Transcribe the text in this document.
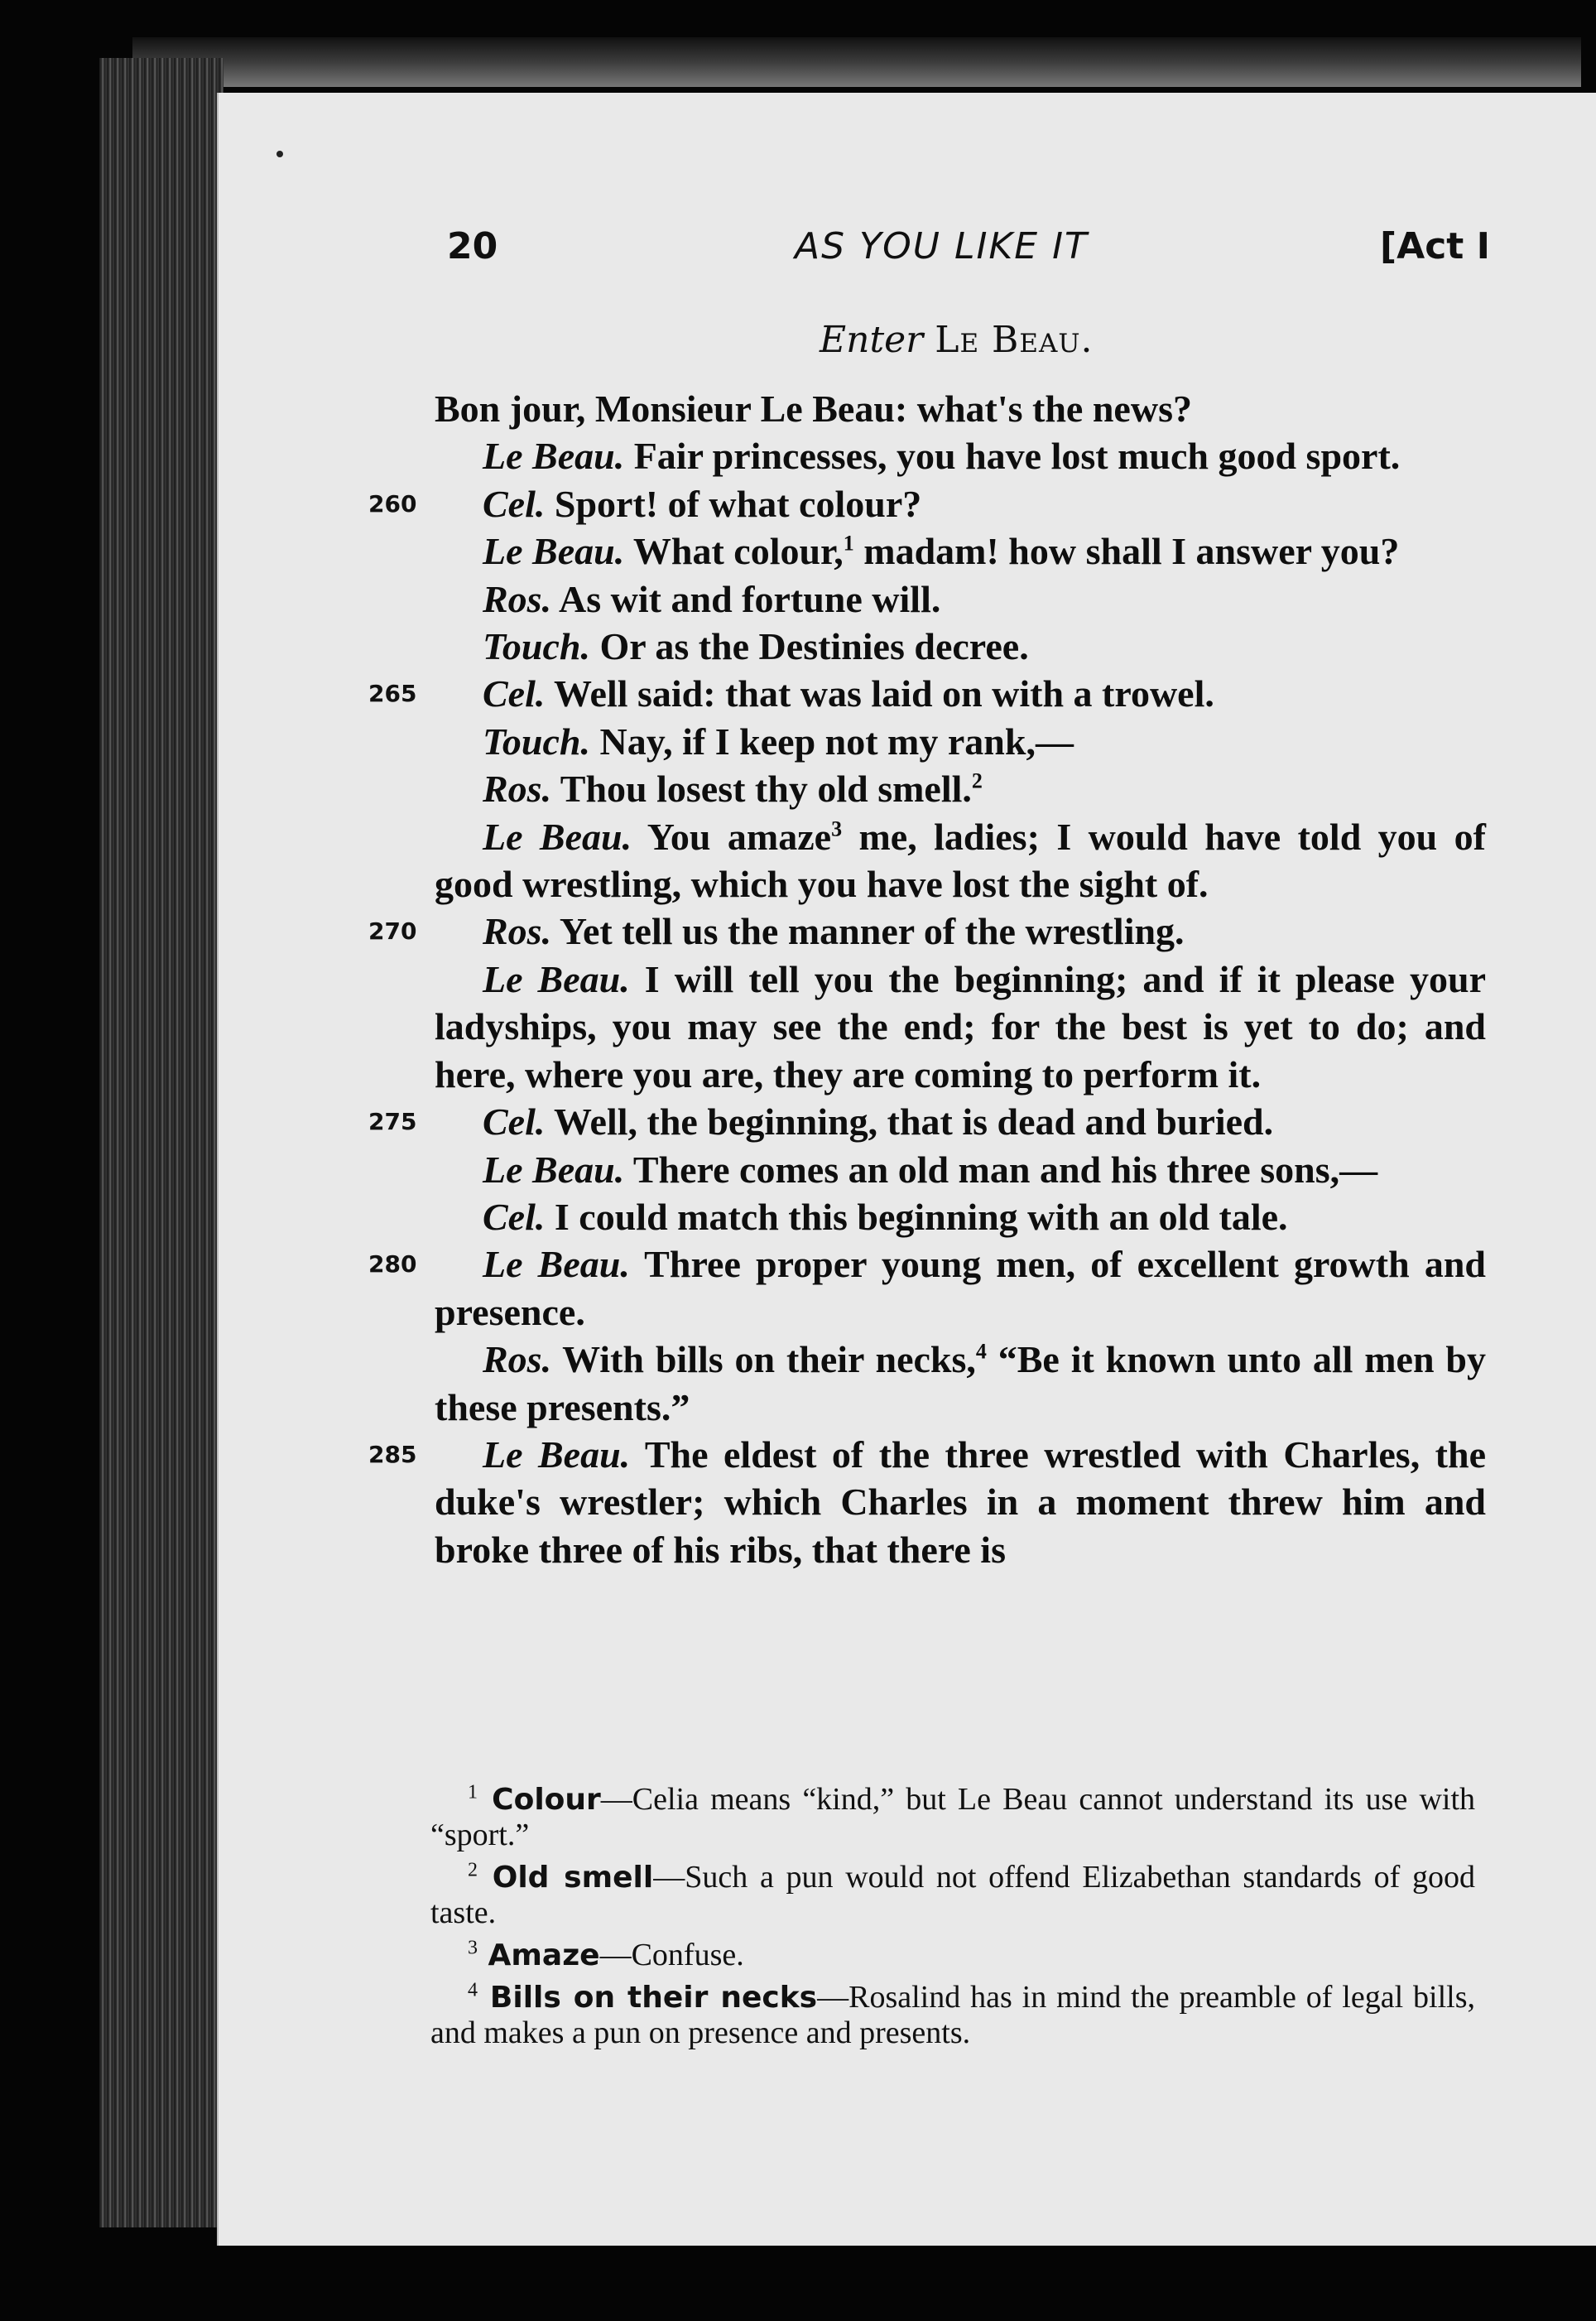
20	AS YOU LIKE IT	[Act I
Enter Le Beau.

Bon jour, Monsieur Le Beau: what's the news?

Le Beau. Fair princesses, you have lost much good sport.

260 Cel. Sport! of what colour?

Le Beau. What colour,$^1$ madam! how shall I answer you?

Ros. As wit and fortune will.

Touch. Or as the Destinies decree.

265 Cel. Well said: that was laid on with a trowel.

Touch. Nay, if I keep not my rank,—

Ros. Thou losest thy old smell.$^2$

Le Beau. You amaze$^3$ me, ladies; I would have told you of good wrestling, which you have lost the sight of.

270 Ros. Yet tell us the manner of the wrestling.

Le Beau. I will tell you the beginning; and if it please your ladyships, you may see the end; for the best is yet to do; and here, where you are, they are coming to perform it.

275 Cel. Well, the beginning, that is dead and buried.

Le Beau. There comes an old man and his three sons,—

Cel. I could match this beginning with an old tale.

280 Le Beau. Three proper young men, of excellent growth and presence.

Ros. With bills on their necks,$^4$ “Be it known unto all men by these presents.”

285 Le Beau. The eldest of the three wrestled with Charles, the duke's wrestler; which Charles in a moment threw him and broke three of his ribs, that there is

$^1$ Colour—Celia means “kind,” but Le Beau cannot understand its use with “sport.”

$^2$ Old smell—Such a pun would not offend Elizabethan standards of good taste.

$^3$ Amaze—Confuse.

$^4$ Bills on their necks—Rosalind has in mind the preamble of legal bills, and makes a pun on presence and presents.
